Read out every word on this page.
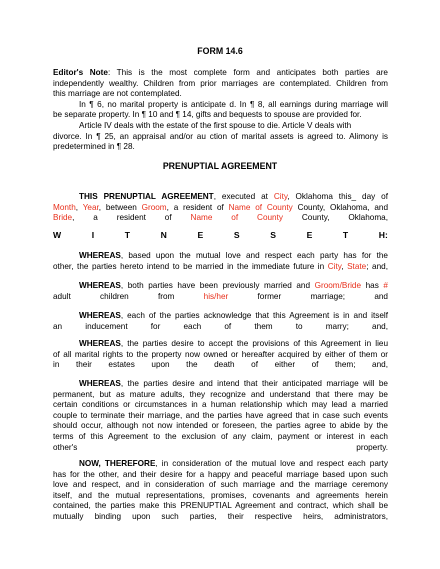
FORM 14.6
Editor's Note: This is the most complete form and anticipates both parties are
independently wealthy. Children from prior marriages are contemplated. Children from
this marriage are not contemplated.
In ¶ 6, no marital property is anticipate d. In ¶ 8, all earnings during marriage will
be separate property. In ¶ 10 and ¶ 14, gifts and bequests to spouse are provided for.
Article IV deals with the estate of the first spouse to die. Article V deals with
divorce. In ¶ 25, an appraisal and/or au ction of marital assets is agreed to. Alimony is
predetermined in ¶ 28.
PRENUPTIAL AGREEMENT
THIS PRENUPTIAL AGREEMENT, executed at City, Oklahoma this_ day of
Month, Year, between Groom, a resident of Name of County County, Oklahoma, and
Bride, a resident of Name of County County, Oklahoma,
W	I	T	N	E	S	S	E	T	H:
WHEREAS, based upon the mutual love and respect each party has for the
other, the parties hereto intend to be married in the immediate future in City, State; and,
WHEREAS, both parties have been previously married and Groom/Bride has #
adult children from his/her former marriage; and
WHEREAS, each of the parties acknowledge that this Agreement is in and itself
an inducement for each of them to marry; and,
WHEREAS, the parties desire to accept the provisions of this Agreement in lieu
of all marital rights to the property now owned or hereafter acquired by either of them or
in their estates upon the death of either of them; and,
WHEREAS, the parties desire and intend that their anticipated marriage will be
permanent, but as mature adults, they recognize and understand that there may be
certain conditions or circumstances in a human relationship which may lead a married
couple to terminate their marriage, and the parties have agreed that in case such events
should occur, although not now intended or foreseen, the parties agree to abide by the
terms of this Agreement to the exclusion of any claim, payment or interest in each
other's	property.
NOW, THEREFORE, in consideration of the mutual love and respect each party
has for the other, and their desire for a happy and peaceful marriage based upon such
love and respect, and in consideration of such marriage and the marriage ceremony
itself, and the mutual representations, promises, covenants and agreements herein
contained, the parties make this PRENUPTIAL Agreement and contract, which shall be
mutually binding upon such parties, their respective heirs, administrators,
